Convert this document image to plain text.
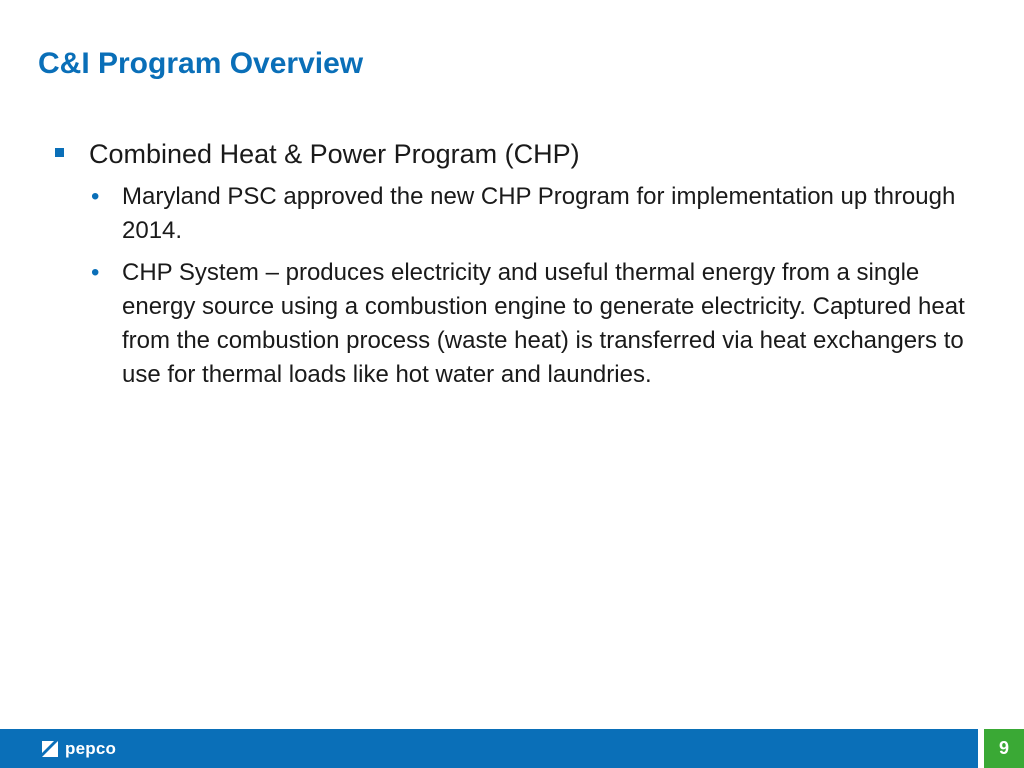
C&I Program Overview
Combined Heat & Power Program (CHP)
• Maryland PSC approved the new CHP Program for implementation up through 2014.
• CHP System – produces electricity and useful thermal energy from a single energy source using a combustion engine to generate electricity. Captured heat from the combustion process (waste heat) is transferred via heat exchangers to use for thermal loads like hot water and laundries.
pepco	9
